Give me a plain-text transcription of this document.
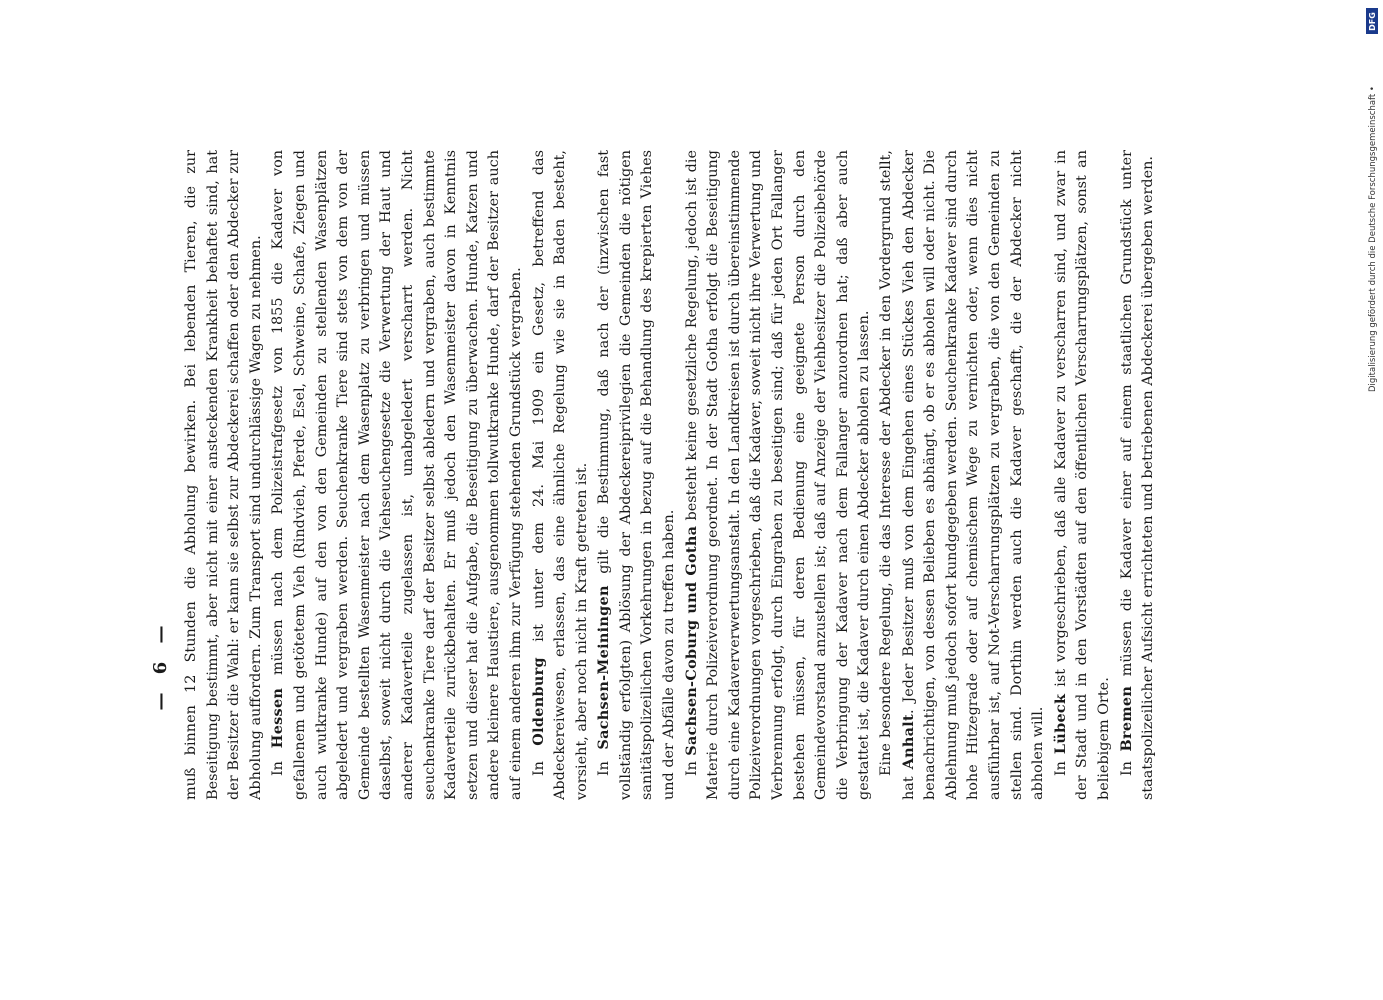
— 6 — muß binnen 12 Stunden die Abholung bewirken. Bei lebenden Tieren, die zur Beseitigung bestimmt, aber nicht mit einer ansteckenden Krankheit behaftet sind, hat der Besitzer die Wahl: er kann sie selbst zur Abdeckerei schaffen oder den Abdecker zur Abholung auffordern. Zum Transport sind undurchlässige Wagen zu nehmen. In Hessen müssen nach dem Polizeistrafgesetz von 1855 die Kadaver von gefallenem und getötetem Vieh (Rindvieh, Pferde, Esel, Schweine, Schafe, Ziegen und auch wutkranke Hunde) auf den von den Gemeinden zu stellenden Wasenplätzen abgeledert und vergraben werden. Seuchenkranke Tiere sind stets von dem von der Gemeinde bestellten Wasenmeister nach dem Wasenplatz zu verbringen und müssen daselbst, soweit nicht durch die Viehseuchengesetze die Verwertung der Haut und anderer Kadaverteile zugelassen ist, unabgeledert verscharrt werden. Nicht seuchenkranke Tiere darf der Besitzer selbst abledern und vergraben, auch bestimmte Kadaverteile zurückbehalten. Er muß jedoch den Wasenmeister davon in Kenntnis setzen und dieser hat die Aufgabe, die Beseitigung zu überwachen. Hunde, Katzen und andere kleinere Haustiere, ausgenommen tollwutkranke Hunde, darf der Besitzer auch auf einem anderen ihm zur Verfügung stehenden Grundstück vergraben. In Oldenburg ist unter dem 24. Mai 1909 ein Gesetz, betreffend das Abdeckereiwesen, erlassen, das eine ähnliche Regelung wie sie in Baden besteht, vorsieht, aber noch nicht in Kraft getreten ist. In Sachsen-Meiningen gilt die Bestimmung, daß nach der (inzwischen fast vollständig erfolgten) Ablösung der Abdeckereiprivilegien die Gemeinden die nötigen sanitätspolizeilichen Vorkehrungen in bezug auf die Behandlung des krepierten Viehes und der Abfälle davon zu treffen haben. In Sachsen-Coburg und Gotha besteht keine gesetzliche Regelung, jedoch ist die Materie durch Polizeiverordnung geordnet. In der Stadt Gotha erfolgt die Beseitigung durch eine Kadaververwertungsanstalt. In den Landkreisen ist durch übereinstimmende Polizeiverordnungen vorgeschrieben, daß die Kadaver, soweit nicht ihre Verwertung und Verbrennung erfolgt, durch Eingraben zu beseitigen sind; daß für jeden Ort Fallanger bestehen müssen, für deren Bedienung eine geeignete Person durch den Gemeindevorstand anzustellen ist; daß auf Anzeige der Viehbesitzer die Polizeibehörde die Verbringung der Kadaver nach dem Fallanger anzuordnen hat; daß aber auch gestattet ist, die Kadaver durch einen Abdecker abholen zu lassen. Eine besondere Regelung, die das Interesse der Abdecker in den Vordergrund stellt, hat Anhalt. Jeder Besitzer muß von dem Eingehen eines Stückes Vieh den Abdecker benachrichtigen, von dessen Belieben es abhängt, ob er es abholen will oder nicht. Die Ablehnung muß jedoch sofort kundgegeben werden. Seuchenkranke Kadaver sind durch hohe Hitzegrade oder auf chemischem Wege zu vernichten oder, wenn dies nicht ausführbar ist, auf Not-Verscharrungsplätzen zu vergraben, die von den Gemeinden zu stellen sind. Dorthin werden auch die Kadaver geschafft, die der Abdecker nicht abholen will. In Lübeck ist vorgeschrieben, daß alle Kadaver zu verscharren sind, und zwar in der Stadt und in den Vorstädten auf den öffentlichen Verscharrungsplätzen, sonst an beliebigem Orte. In Bremen müssen die Kadaver einer auf einem staatlichen Grundstück unter staatspolizeilicher Aufsicht errichteten und betriebenen Abdeckerei übergeben werden.
DFG
Digitalisierung gefördert durch die Deutsche Forschungsgemeinschaft •
